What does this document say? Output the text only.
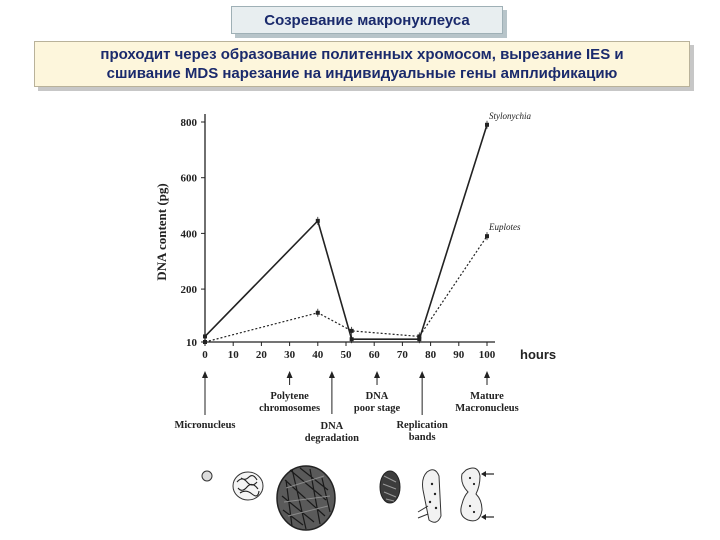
Созревание макронуклеуса
проходит через образование политенных хромосом, вырезание IES и
сшивание MDS нарезание на индивидуальные гены амплификацию
0 10 20 30 40 50 60 70 80 90 100
10
200
400
600
800
Stylonychia
Euplotes
DNA content (pg)
hours
Micronucleus
Polytene
chromosomes
DNA
degradation
DNA
poor stage
Replication
bands
Mature
Macronucleus
